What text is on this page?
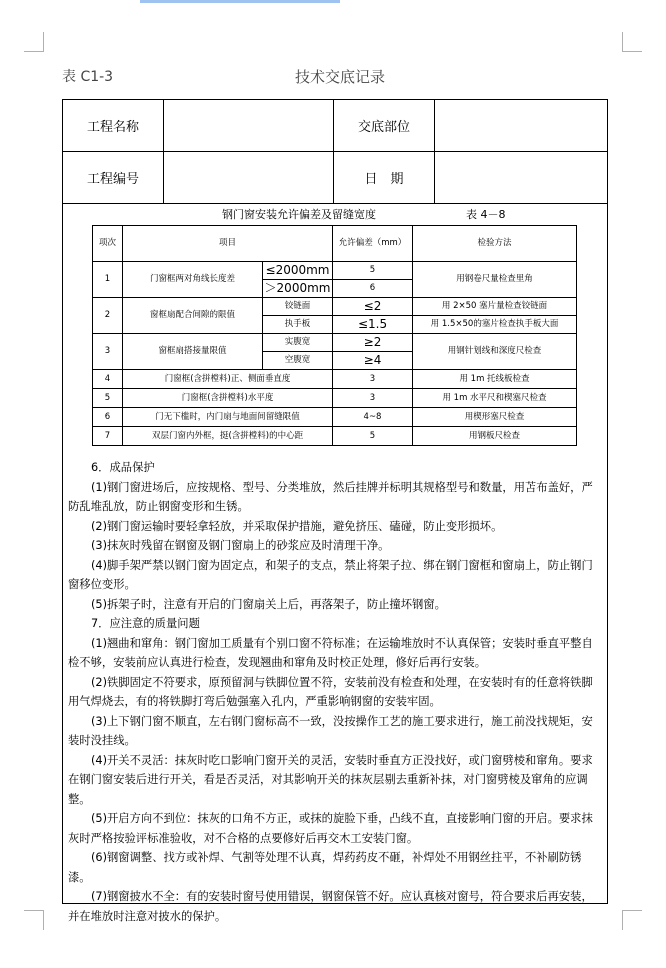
表 C1-3	技术交底记录
工程名称	交底部位
工程编号	日　期
钢门窗安装允许偏差及留缝宽度	表 4－8
项次	项目		允许偏差（mm）	检验方法
1	门窗框两对角线长度差	≤2000mm	5	用钢卷尺量检查里角
		＞2000mm	6	
2	窗框扇配合间隙的限值	铰链面	≤2	用 2×50 塞片量检查铰链面
		执手板	≤1.5	用 1.5×50的塞片检查执手板大面
3	窗框扇搭接量限值	实腹宽	≥2	用钢针划线和深度尺检查
		空腹宽	≥4	
4	门窗框(含拼樘料)正、侧面垂直度		3	用 1m 托线板检查
5	门窗框(含拼樘料)水平度		3	用 1m 水平尺和楔塞尺检查
6	门无下槛时，内门扇与地面间留缝限值		4~8	用楔形塞尺检查
7	双层门窗内外框，挺(含拼樘料)的中心距		5	用钢板尺检查

6．成品保护

(1)钢门窗进场后，应按规格、型号、分类堆放，然后挂牌并标明其规格型号和数量，用苫布盖好，严防乱堆乱放，防止钢窗变形和生锈。

(2)钢门窗运输时要轻拿轻放，并采取保护措施，避免挤压、磕碰，防止变形损坏。

(3)抹灰时残留在钢窗及钢门窗扇上的砂浆应及时清理干净。

(4)脚手架严禁以钢门窗为固定点，和架子的支点，禁止将架子拉、绑在钢门窗框和窗扇上，防止钢门窗移位变形。

(5)拆架子时，注意有开启的门窗扇关上后，再落架子，防止撞坏钢窗。

7．应注意的质量问题

(1)翘曲和窜角：钢门窗加工质量有个别口窗不符标准；在运输堆放时不认真保管；安装时垂直平整自检不够，安装前应认真进行检查，发现翘曲和窜角及时校正处理，修好后再行安装。

(2)铁脚固定不符要求，原预留洞与铁脚位置不符，安装前没有检查和处理，在安装时有的任意将铁脚用气焊烧去，有的将铁脚打弯后勉强塞入孔内，严重影响钢窗的安装牢固。

(3)上下钢门窗不顺直，左右钢门窗标高不一致，没按操作工艺的施工要求进行，施工前没找规矩，安装时没挂线。

(4)开关不灵活：抹灰时吃口影响门窗开关的灵活，安装时垂直方正没找好，或门窗劈棱和窜角。要求在钢门窗安装后进行开关，看是否灵活，对其影响开关的抹灰层剔去重新补抹，对门窗劈棱及窜角的应调整。

(5)开启方向不到位：抹灰的口角不方正，或抹的旋脸下垂，凸线不直，直接影响门窗的开启。要求抹灰时严格按验评标准验收，对不合格的点要修好后再交木工安装门窗。

(6)钢窗调整、找方或补焊、气割等处理不认真，焊药药皮不砸，补焊处不用钢丝拄平，不补刷防锈漆。

(7)钢窗披水不全：有的安装时窗号使用错误，钢窗保管不好。应认真核对窗号，符合要求后再安装，并在堆放时注意对披水的保护。
